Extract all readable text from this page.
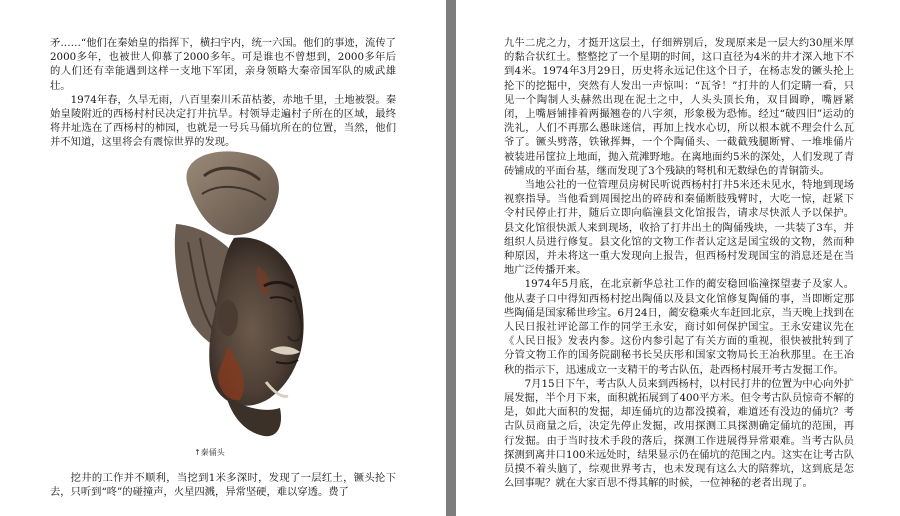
矛……“他们在秦始皇的指挥下，横扫宇内，统一六国。他们的事迹，流传了2000多年，也被世人仰慕了2000多年。可是谁也不曾想到，2000多年后的人们还有幸能遇到这样一支地下军团，亲身领略大秦帝国军队的威武雄壮。

1974年春，久旱无雨，八百里秦川禾苗枯萎，赤地千里，土地被裂。秦始皇陵附近的西杨村村民决定打井抗旱。村领导走遍村子所在的区域，最终将井址选在了西杨村的柿园，也就是一号兵马俑坑所在的位置，当然，他们并不知道，这里将会有震惊世界的发现。

↑秦俑头

挖井的工作并不顺利，当挖到1米多深时，发现了一层红土，镢头抡下去，只听到“咚”的碰撞声，火星四溅，异常坚硬，难以穿透。费了

九牛二虎之力，才挺开这层土，仔细辨别后，发现原来是一层大约30厘米厚的黏合状红土。整整挖了一个星期的时间，这口直径为4米的井才深入地下不到4米。1974年3月29日，历史将永远记住这个日子，在杨志发的镢头抡上抡下的挖掘中，突然有人发出一声惊叫：“瓦爷！”打井的人们定睛一看，只见一个陶制人头赫然出现在泥土之中，人头头顶长角，双目圆睁，嘴唇紧闭，上嘴唇铺排着两撮翘卷的八字须，形象极为恐怖。经过“破四旧”运动的洗礼，人们不再那么愚昧迷信，再加上找水心切，所以根本就不理会什么瓦爷了。镢头劈落，铁锹挥舞，一个个陶俑头、一截截残腿断臂、一堆堆俑片被装进吊筐拉上地面，抛入荒滩野地。在离地面约5米的深处，人们发现了青砖铺成的平面台基，继而发现了3个残缺的弩机和无数绿色的青铜箭头。

当地公社的一位管理员房树民听说西杨村打井5米还未见水，特地到现场视察指导。当他看到周围挖出的碎砖和秦俑断肢残臂时，大吃一惊，赶紧下令村民停止打井，随后立即向临潼县文化馆报告，请求尽快派人予以保护。县文化馆很快派人来到现场，收拾了打井出土的陶俑残块，一共装了3车，并组织人员进行修复。县文化馆的文物工作者认定这是国宝级的文物，然而种种原因，并未将这一重大发现向上报告，但西杨村发现国宝的消息还是在当地广泛传播开来。

1974年5月底，在北京新华总社工作的蔺安稳回临潼探望妻子及家人。他从妻子口中得知西杨村挖出陶俑以及县文化馆修复陶俑的事，当即断定那些陶俑是国家稀世珍宝。6月24日，蔺安稳乘火车赶回北京，当天晚上找到在人民日报社评论部工作的同学王永安，商讨如何保护国宝。王永安建议先在《人民日报》发表内参。这份内参引起了有关方面的重视，很快被批转到了分管文物工作的国务院副秘书长吴庆彤和国家文物局长王冶秋那里。在王冶秋的指示下，迅速成立一支精干的考古队伍，赴西杨村展开考古发掘工作。

7月15日下午，考古队人员来到西杨村，以村民打井的位置为中心向外扩展发掘，半个月下来，面积就拓展到了400平方米。但令考古队员惊奇不解的是，如此大面积的发掘，却连俑坑的边都没摸着，难道还有没边的俑坑？考古队员商量之后，决定先停止发掘，改用探测工具探测确定俑坑的范围，再行发掘。由于当时技术手段的落后，探测工作进展得异常艰难。当考古队员探测到离井口100米远处时，结果显示仍在俑坑的范围之内。这实在让考古队员摸不着头脑了，综观世界考古，也未发现有这么大的陪葬坑，这到底是怎么回事呢？就在大家百思不得其解的时候，一位神秘的老者出现了。
